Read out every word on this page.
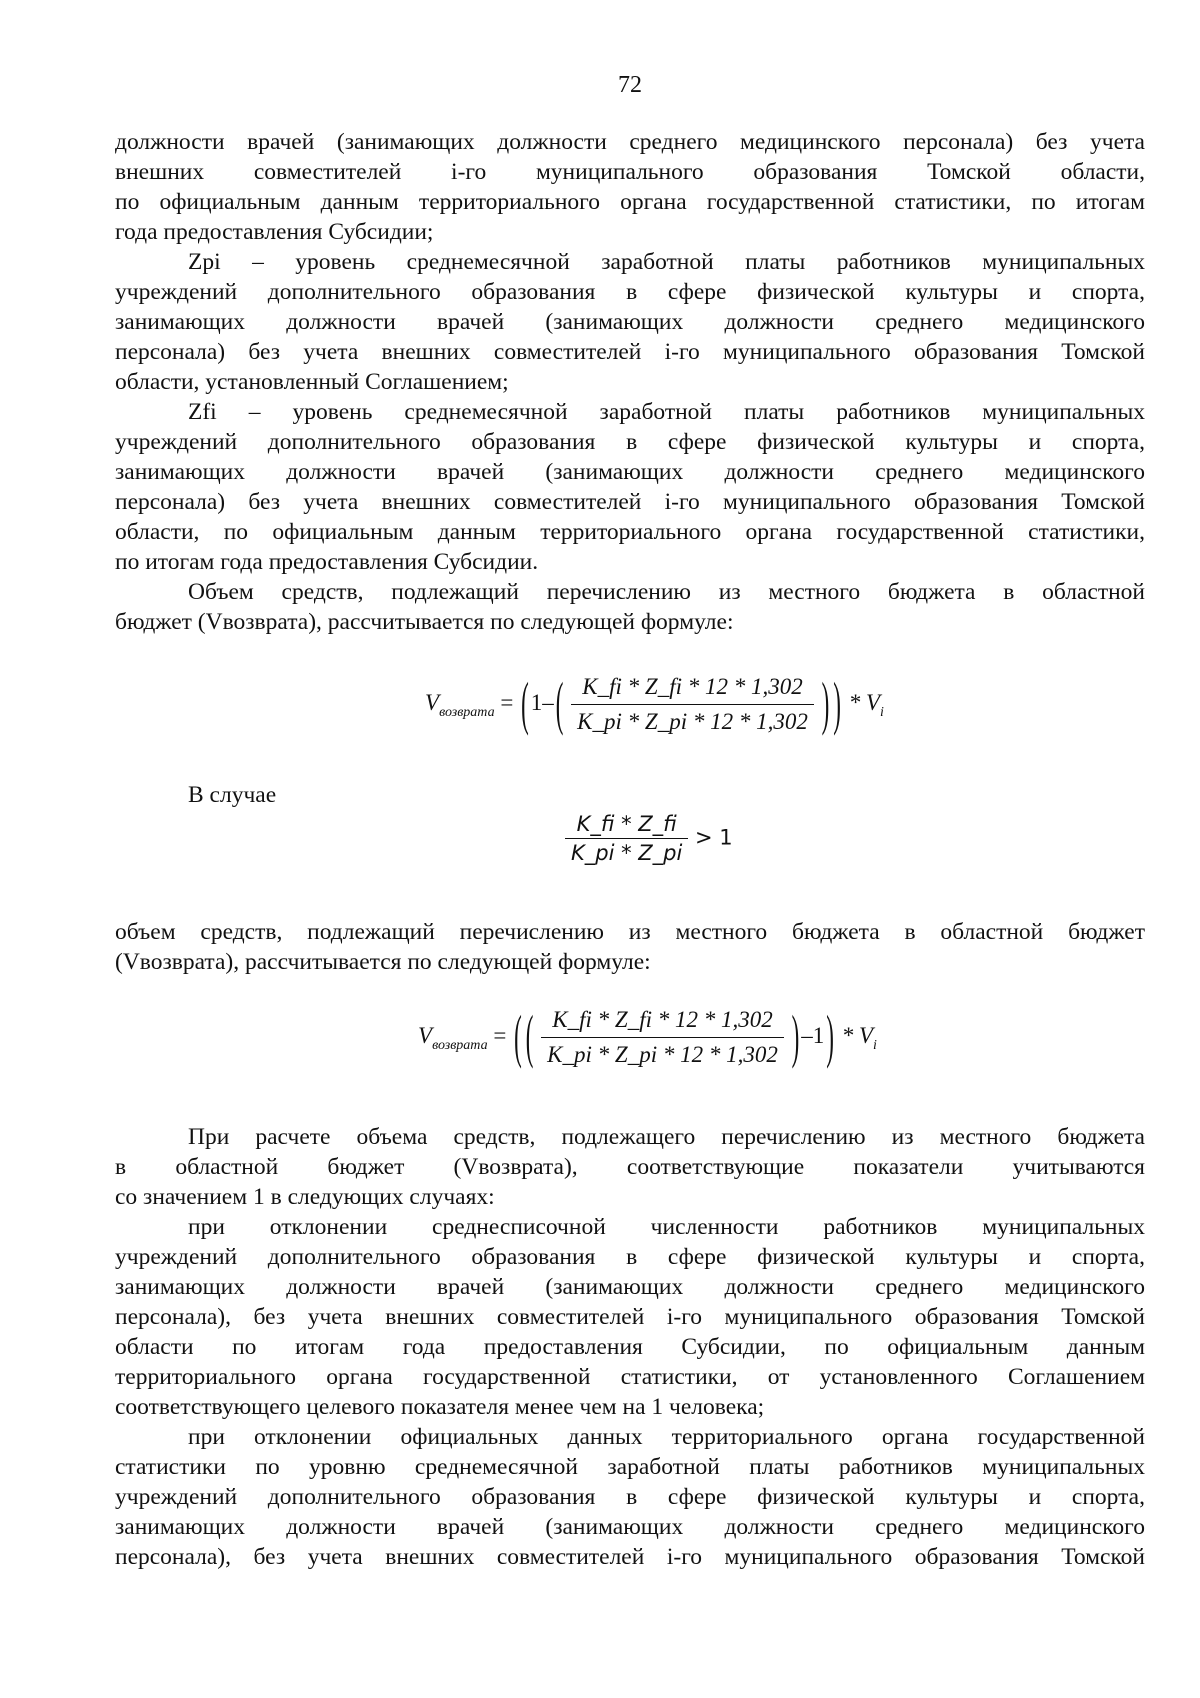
72

должности врачей (занимающих должности среднего медицинского персонала) без учета

внешних совместителей i-го муниципального образования Томской области,

по официальным данным территориального органа государственной статистики, по итогам

года предоставления Субсидии;

Zpi – уровень среднемесячной заработной платы работников муниципальных

учреждений дополнительного образования в сфере физической культуры и спорта,

занимающих должности врачей (занимающих должности среднего медицинского

персонала) без учета внешних совместителей i-го муниципального образования Томской

области, установленный Соглашением;

Zfi – уровень среднемесячной заработной платы работников муниципальных

учреждений дополнительного образования в сфере физической культуры и спорта,

занимающих должности врачей (занимающих должности среднего медицинского

персонала) без учета внешних совместителей i-го муниципального образования Томской

области, по официальным данным территориального органа государственной статистики,

по итогам года предоставления Субсидии.

Объем средств, подлежащий перечислению из местного бюджета в областной

бюджет (Vвозврата), рассчитывается по следующей формуле:

$V_{возврата} = (1-( \frac{K\_fi * Z\_fi * 12 * 1,302}{K\_pi * Z\_pi * 12 * 1,302}$ ) ) * $V_i$
В случае
$\frac{K\_fi * Z\_fi}{K\_pi * Z\_pi} > 1$

объем средств, подлежащий перечислению из местного бюджета в областной бюджет

(Vвозврата), рассчитывается по следующей формуле:

$V_{возврата}$ = ( ( $\frac{K\_fi * Z\_fi * 12 * 1,302}{K\_pi * Z\_pi * 12 * 1,302} )-1) * V_i$

При расчете объема средств, подлежащего перечислению из местного бюджета

в областной бюджет (Vвозврата), соответствующие показатели учитываются

со значением 1 в следующих случаях:

при отклонении среднесписочной численности работников муниципальных

учреждений дополнительного образования в сфере физической культуры и спорта,

занимающих должности врачей (занимающих должности среднего медицинского

персонала), без учета внешних совместителей i-го муниципального образования Томской

области по итогам года предоставления Субсидии, по официальным данным

территориального органа государственной статистики, от установленного Соглашением

соответствующего целевого показателя менее чем на 1 человека;

при отклонении официальных данных территориального органа государственной

статистики по уровню среднемесячной заработной платы работников муниципальных

учреждений дополнительного образования в сфере физической культуры и спорта,

занимающих должности врачей (занимающих должности среднего медицинского

персонала), без учета внешних совместителей i-го муниципального образования Томской
